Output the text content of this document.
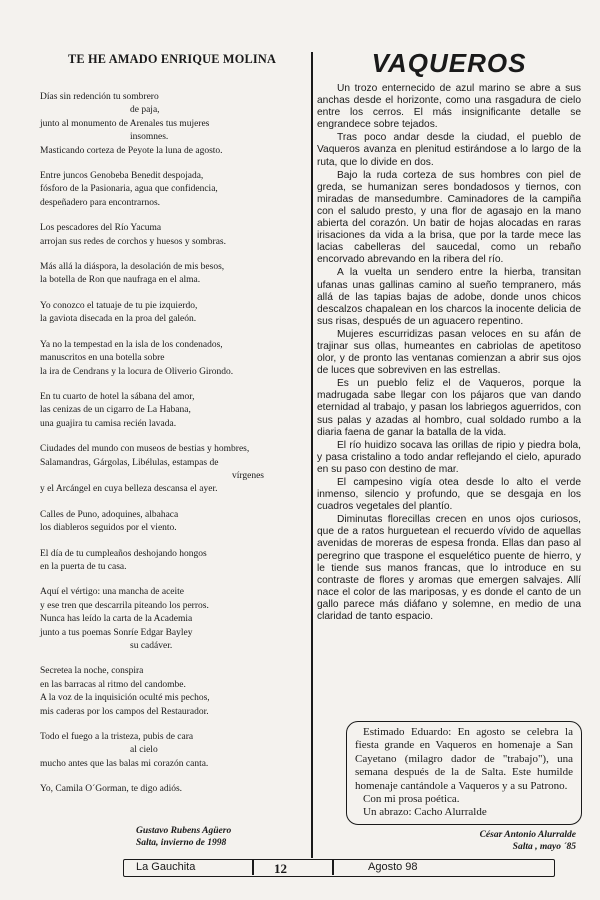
TE HE AMADO ENRIQUE MOLINA
Días sin redención tu sombrero
de paja,
junto al monumento de Arenales tus mujeres
insomnes.
Masticando corteza de Peyote la luna de agosto.
Entre juncos Genobeba Benedit despojada,
fósforo de la Pasionaria, agua que confidencia,
despeñadero para encontrarnos.
Los pescadores del Río Yacuma
arrojan sus redes de corchos y huesos y sombras.
Más allá la diáspora, la desolación de mis besos,
la botella de Ron que naufraga en el alma.
Yo conozco el tatuaje de tu pie izquierdo,
la gaviota disecada en la proa del galeón.
Ya no la tempestad en la isla de los condenados,
manuscritos en una botella sobre
la ira de Cendrans y la locura de Oliverio Girondo.
En tu cuarto de hotel la sábana del amor,
las cenizas de un cigarro de La Habana,
una guajira tu camisa recién lavada.
Ciudades del mundo con museos de bestias y hombres,
Salamandras, Gárgolas, Libélulas, estampas de
vírgenes
y el Arcángel en cuya belleza descansa el ayer.
Calles de Puno, adoquines, albahaca
los diableros seguidos por el viento.
El día de tu cumpleaños deshojando hongos
en la puerta de tu casa.
Aquí el vértigo: una mancha de aceite
y ese tren que descarrila piteando los perros.
Nunca has leído la carta de la Academia
junto a tus poemas Sonríe Edgar Bayley
su cadáver.
Secretea la noche, conspira
en las barracas al ritmo del candombe.
A la voz de la inquisición oculté mis pechos,
mis caderas por los campos del Restaurador.
Todo el fuego a la tristeza, pubis de cara
al cielo
mucho antes que las balas mi corazón canta.
Yo, Camila O´Gorman, te digo adiós.
Gustavo Rubens Agüero
Salta, invierno de 1998
VAQUEROS

Un trozo enternecido de azul marino se abre a sus anchas desde el horizonte, como una rasgadura de cielo entre los cerros. El más insignificante detalle se engrandece sobre tejados.

Tras poco andar desde la ciudad, el pueblo de Vaqueros avanza en plenitud estirándose a lo largo de la ruta, que lo divide en dos.

Bajo la ruda corteza de sus hombres con piel de greda, se humanizan seres bondadosos y tiernos, con miradas de mansedumbre. Caminadores de la campiña con el saludo presto, y una flor de agasajo en la mano abierta del corazón. Un batir de hojas alocadas en raras irisaciones da vida a la brisa, que por la tarde mece las lacias cabelleras del saucedal, como un rebaño encorvado abrevando en la ribera del río.

A la vuelta un sendero entre la hierba, transitan ufanas unas gallinas camino al sueño tempranero, más allá de las tapias bajas de adobe, donde unos chicos descalzos chapalean en los charcos la inocente delicia de sus risas, después de un aguacero repentino.

Mujeres escurridizas pasan veloces en su afán de trajinar sus ollas, humeantes en cabriolas de apetitoso olor, y de pronto las ventanas comienzan a abrir sus ojos de luces que sobreviven en las estrellas.

Es un pueblo feliz el de Vaqueros, porque la madrugada sabe llegar con los pájaros que van dando eternidad al trabajo, y pasan los labriegos aguerridos, con sus palas y azadas al hombro, cual soldado rumbo a la diaria faena de ganar la batalla de la vida.

El río huidizo socava las orillas de ripio y piedra bola, y pasa cristalino a todo andar reflejando el cielo, apurado en su paso con destino de mar.

El campesino vigía otea desde lo alto el verde inmenso, silencio y profundo, que se desgaja en los cuadros vegetales del plantío.

Diminutas florecillas crecen en unos ojos curiosos, que de a ratos hurguetean el recuerdo vívido de aquellas avenidas de moreras de espesa fronda. Ellas dan paso al peregrino que traspone el esquelético puente de hierro, y le tiende sus manos francas, que lo introduce en su contraste de flores y aromas que emergen salvajes. Allí nace el color de las mariposas, y es donde el canto de un gallo parece más diáfano y solemne, en medio de una claridad de tanto espacio.

Estimado Eduardo: En agosto se celebra la fiesta grande en Vaqueros en homenaje a San Cayetano (milagro dador de "trabajo"), una semana después de la de Salta. Este humilde homenaje cantándole a Vaqueros y a su Patrono.
Con mi prosa poética.
Un abrazo: Cacho Alurralde
César Antonio Alurralde
Salta , mayo ´85
La Gauchita	12	Agosto 98
